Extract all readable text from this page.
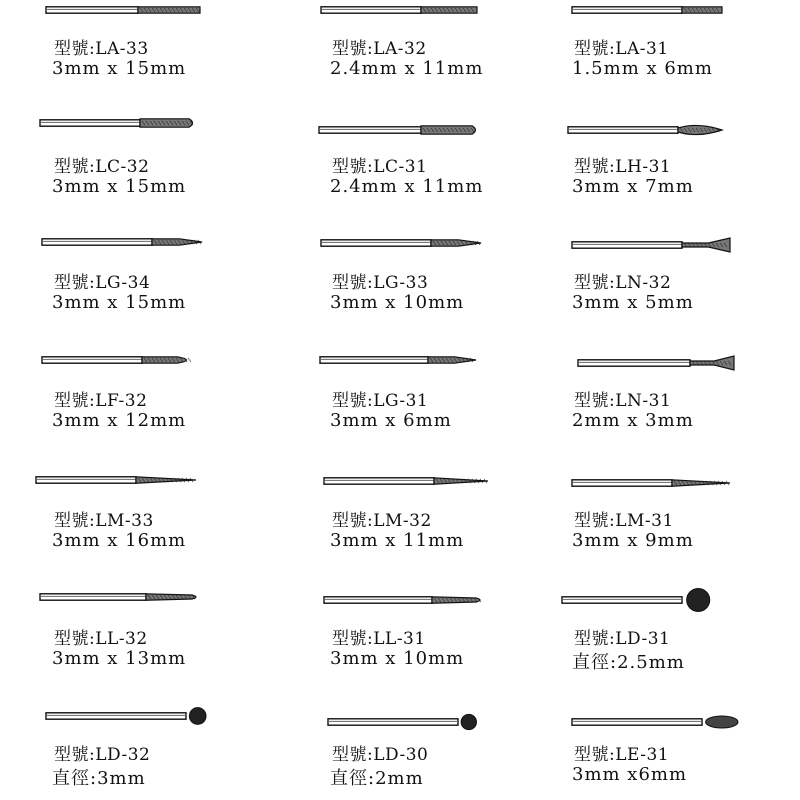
型號:LA-33
3mm x 15mm
型號:LA-32
2.4mm x 11mm
型號:LA-31
1.5mm x 6mm
型號:LC-32
3mm x 15mm
型號:LC-31
2.4mm x 11mm
型號:LH-31
3mm x 7mm
型號:LG-34
3mm x 15mm
型號:LG-33
3mm x 10mm
型號:LN-32
3mm x 5mm
型號:LF-32
3mm x 12mm
型號:LG-31
3mm x 6mm
型號:LN-31
2mm x 3mm
型號:LM-33
3mm x 16mm
型號:LM-32
3mm x 11mm
型號:LM-31
3mm x 9mm
型號:LL-32
3mm x 13mm
型號:LL-31
3mm x 10mm
型號:LD-31
直徑:2.5mm
型號:LD-32
直徑:3mm
型號:LD-30
直徑:2mm
型號:LE-31
3mm x6mm
